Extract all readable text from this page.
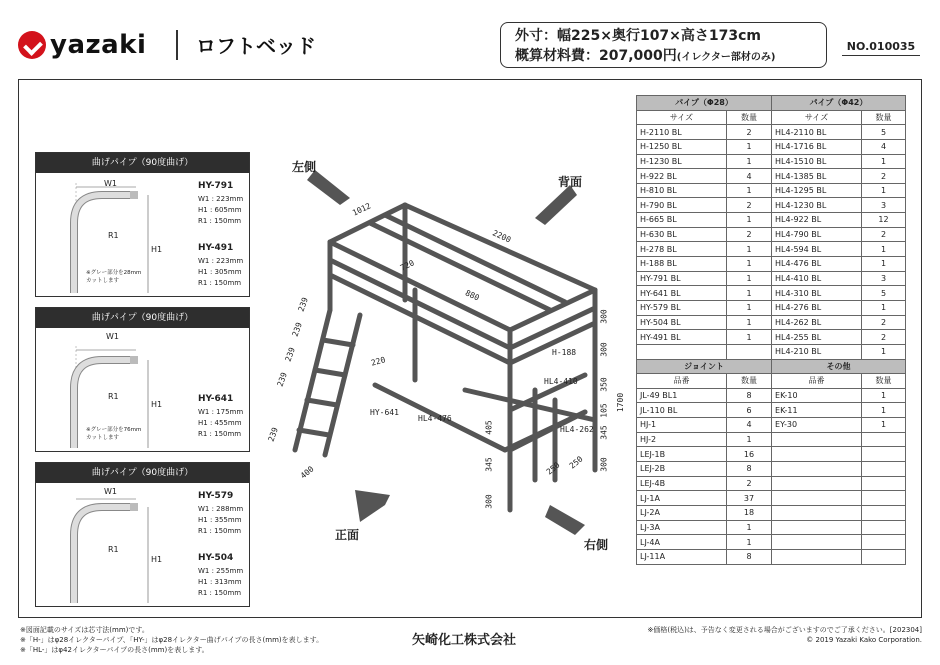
yazaki ロフトベッド	外寸：幅225×奥行107×高さ173cm
概算材料費：207,000円(イレクター部材のみ)
NO.010035
曲げパイプ（90度曲げ）
W1
H1
R1
※グレー部分を28mm
カットします
HY-791
W1 : 223mm
H1 : 605mm
R1 : 150mm
HY-491
W1 : 223mm
H1 : 305mm
R1 : 150mm
曲げパイプ（90度曲げ）
W1
H1
R1
※グレー部分を76mm
カットします
HY-641
W1 : 175mm
H1 : 455mm
R1 : 150mm
曲げパイプ（90度曲げ）
W1
H1
R1
HY-579
W1 : 288mm
H1 : 355mm
R1 : 150mm
HY-504
W1 : 255mm
H1 : 313mm
R1 : 150mm
左側
背面
正面
右側
1012
2200
720
880
239
239
239
239
239
220
400
300
300
350
105
345
300
345
405
250 250
300
1700
HY-641
HL4-476
H-188
HL4-410
HL4-262
パイプ（Φ28）		パイプ（Φ42）	
サイズ	数量	サイズ	数量
H-2110 BL	2	HL4-2110 BL	5
H-1250 BL	1	HL4-1716 BL	4
H-1230 BL	1	HL4-1510 BL	1
H-922 BL	4	HL4-1385 BL	2
H-810 BL	1	HL4-1295 BL	1
H-790 BL	2	HL4-1230 BL	3
H-665 BL	1	HL4-922 BL	12
H-630 BL	2	HL4-790 BL	2
H-278 BL	1	HL4-594 BL	1
H-188 BL	1	HL4-476 BL	1
HY-791 BL	1	HL4-410 BL	3
HY-641 BL	1	HL4-310 BL	5
HY-579 BL	1	HL4-276 BL	1
HY-504 BL	1	HL4-262 BL	2
HY-491 BL	1	HL4-255 BL	2
		HL4-210 BL	1
ジョイント		その他	
品番	数量	品番	数量
JL-49 BL1	8	EK-10	1
JL-110 BL	6	EK-11	1
HJ-1	4	EY-30	1
HJ-2	1		
LEJ-1B	16		
LEJ-2B	8		
LEJ-4B	2		
LJ-1A	37		
LJ-2A	18		
LJ-3A	1		
LJ-4A	1		
LJ-11A	8		
※図面記載のサイズは芯寸法(mm)です。
※「H-」はφ28イレクターパイプ、「HY-」はφ28イレクター曲げパイプの長さ(mm)を表します。
※「HL-」はφ42イレクターパイプの長さ(mm)を表します。
矢崎化工株式会社
※価格(税込)は、予告なく変更される場合がございますのでご了承ください。[202304]
© 2019 Yazaki Kako Corporation.
